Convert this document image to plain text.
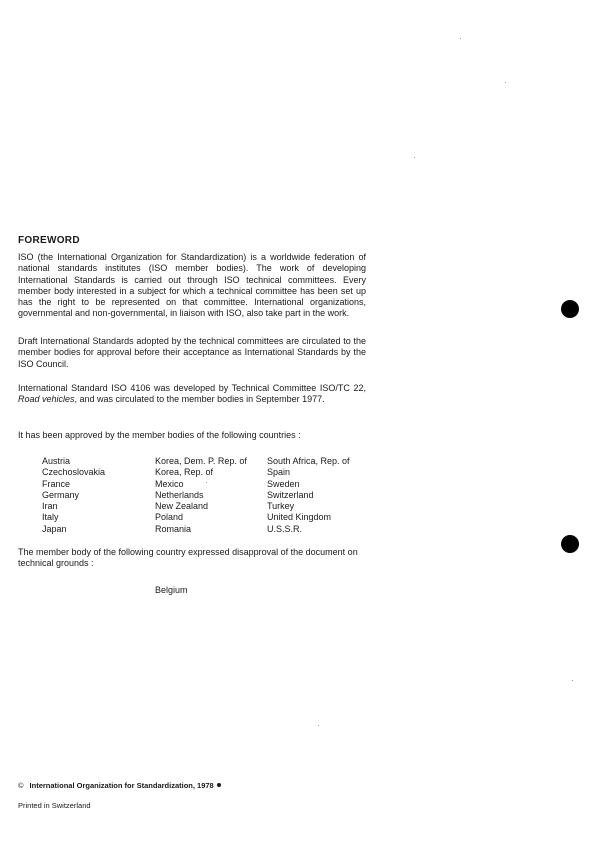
FOREWORD

ISO (the International Organization for Standardization) is a worldwide federation of national standards institutes (ISO member bodies). The work of developing International Standards is carried out through ISO technical committees. Every member body interested in a subject for which a technical committee has been set up has the right to be represented on that committee. International organizations, governmental and non-governmental, in liaison with ISO, also take part in the work.

Draft International Standards adopted by the technical committees are circulated to the member bodies for approval before their acceptance as International Standards by the ISO Council.

International Standard ISO 4106 was developed by Technical Committee ISO/TC 22, Road vehicles, and was circulated to the member bodies in September 1977.

It has been approved by the member bodies of the following countries :

Austria
Czechoslovakia
France
Germany
Iran
Italy
Japan
Korea, Dem. P. Rep. of
Korea, Rep. of
Mexico
Netherlands
New Zealand
Poland
Romania
South Africa, Rep. of
Spain
Sweden
Switzerland
Turkey
United Kingdom
U.S.S.R.

The member body of the following country expressed disapproval of the document on technical grounds :

Belgium
© International Organization for Standardization, 1978
Printed in Switzerland
